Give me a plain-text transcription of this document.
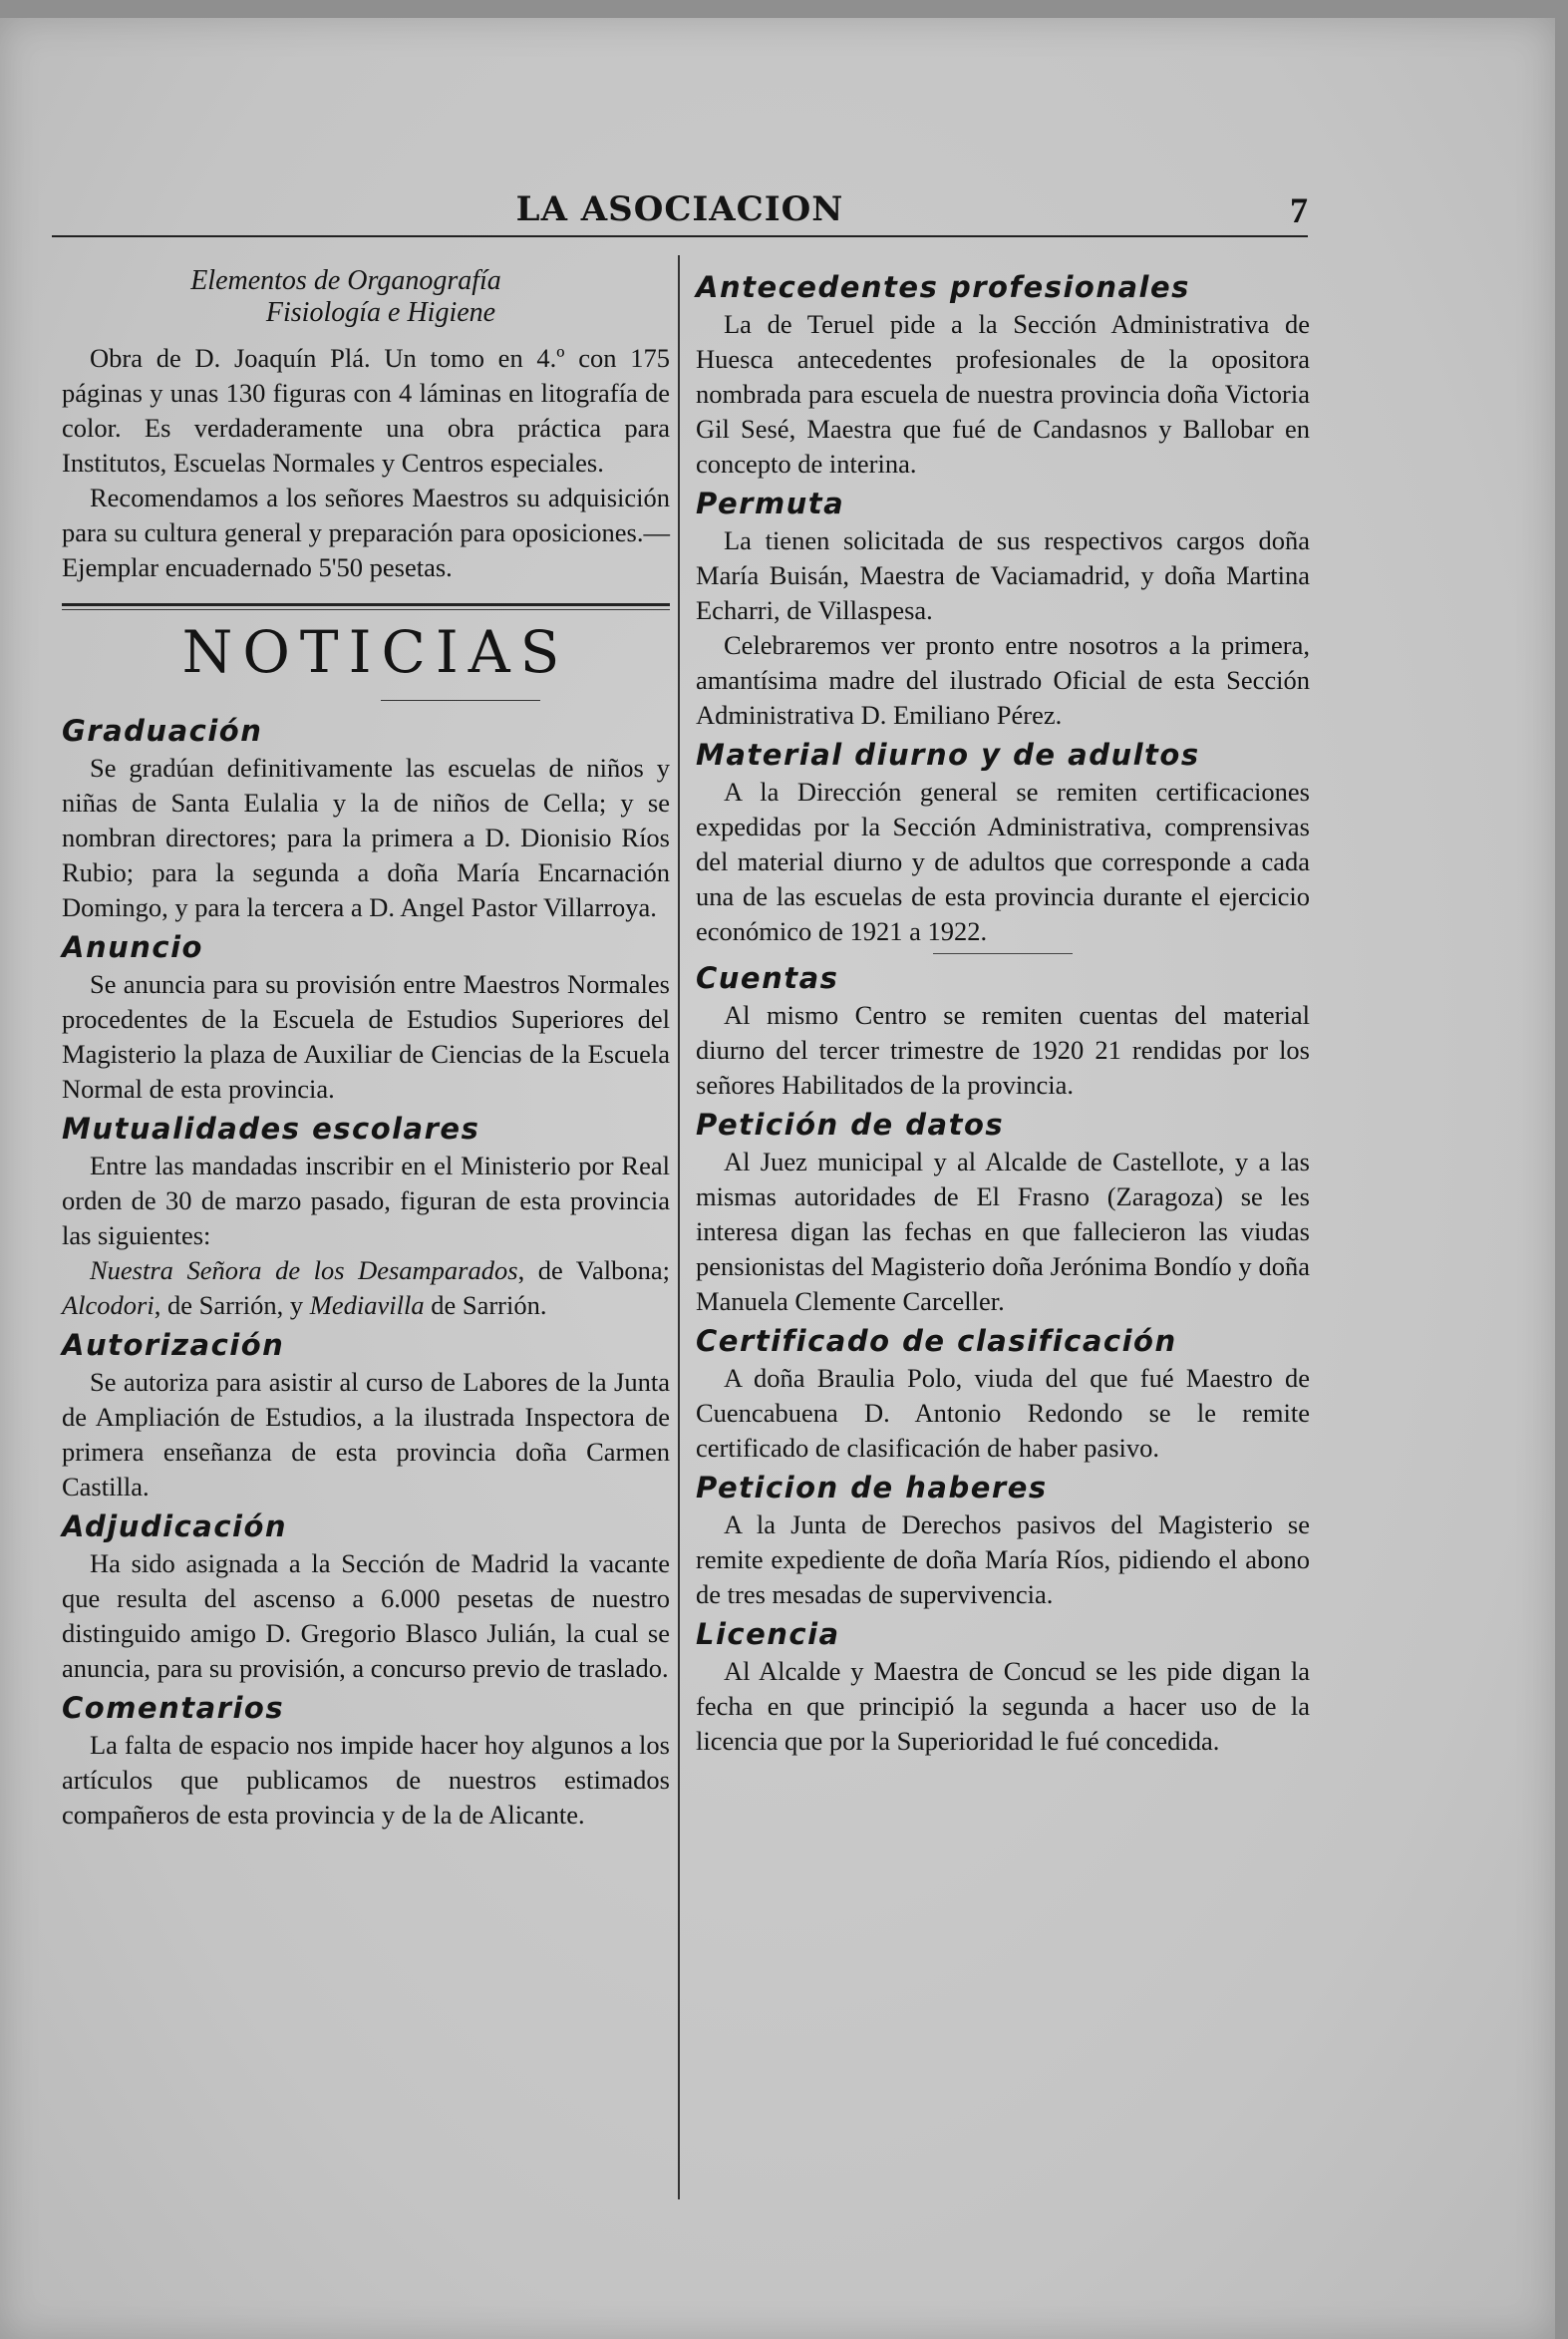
LA ASOCIACION	7
Elementos de Organografía
Fisiología e Higiene

Obra de D. Joaquín Plá. Un tomo en 4.º con 175 páginas y unas 130 figuras con 4 láminas en litografía de color. Es verdaderamente una obra práctica para Institutos, Escuelas Normales y Centros especiales.

Recomendamos a los señores Maestros su adquisición para su cultura general y preparación para oposiciones.—Ejemplar encuadernado 5'50 pesetas.

NOTICIAS
Graduación

Se gradúan definitivamente las escuelas de niños y niñas de Santa Eulalia y la de niños de Cella; y se nombran directores; para la primera a D. Dionisio Ríos Rubio; para la segunda a doña María Encarnación Domingo, y para la tercera a D. Angel Pastor Villarroya.

Anuncio

Se anuncia para su provisión entre Maestros Normales procedentes de la Escuela de Estudios Superiores del Magisterio la plaza de Auxiliar de Ciencias de la Escuela Normal de esta provincia.

Mutualidades escolares

Entre las mandadas inscribir en el Ministerio por Real orden de 30 de marzo pasado, figuran de esta provincia las siguientes:

Nuestra Señora de los Desamparados, de Valbona; Alcodori, de Sarrión, y Mediavilla de Sarrión.

Autorización

Se autoriza para asistir al curso de Labores de la Junta de Ampliación de Estudios, a la ilustrada Inspectora de primera enseñanza de esta provincia doña Carmen Castilla.

Adjudicación

Ha sido asignada a la Sección de Madrid la vacante que resulta del ascenso a 6.000 pesetas de nuestro distinguido amigo D. Gregorio Blasco Julián, la cual se anuncia, para su provisión, a concurso previo de traslado.

Comentarios

La falta de espacio nos impide hacer hoy algunos a los artículos que publicamos de nuestros estimados compañeros de esta provincia y de la de Alicante.

Antecedentes profesionales

La de Teruel pide a la Sección Administrativa de Huesca antecedentes profesionales de la opositora nombrada para escuela de nuestra provincia doña Victoria Gil Sesé, Maestra que fué de Candasnos y Ballobar en concepto de interina.

Permuta

La tienen solicitada de sus respectivos cargos doña María Buisán, Maestra de Vaciamadrid, y doña Martina Echarri, de Villaspesa.

Celebraremos ver pronto entre nosotros a la primera, amantísima madre del ilustrado Oficial de esta Sección Administrativa D. Emiliano Pérez.

Material diurno y de adultos

A la Dirección general se remiten certificaciones expedidas por la Sección Administrativa, comprensivas del material diurno y de adultos que corresponde a cada una de las escuelas de esta provincia durante el ejercicio económico de 1921 a 1922.

Cuentas

Al mismo Centro se remiten cuentas del material diurno del tercer trimestre de 1920 21 rendidas por los señores Habilitados de la provincia.

Petición de datos

Al Juez municipal y al Alcalde de Castellote, y a las mismas autoridades de El Frasno (Zaragoza) se les interesa digan las fechas en que fallecieron las viudas pensionistas del Magisterio doña Jerónima Bondío y doña Manuela Clemente Carceller.

Certificado de clasificación

A doña Braulia Polo, viuda del que fué Maestro de Cuencabuena D. Antonio Redondo se le remite certificado de clasificación de haber pasivo.

Peticion de haberes

A la Junta de Derechos pasivos del Magisterio se remite expediente de doña María Ríos, pidiendo el abono de tres mesadas de supervivencia.

Licencia

Al Alcalde y Maestra de Concud se les pide digan la fecha en que principió la segunda a hacer uso de la licencia que por la Superioridad le fué concedida.
